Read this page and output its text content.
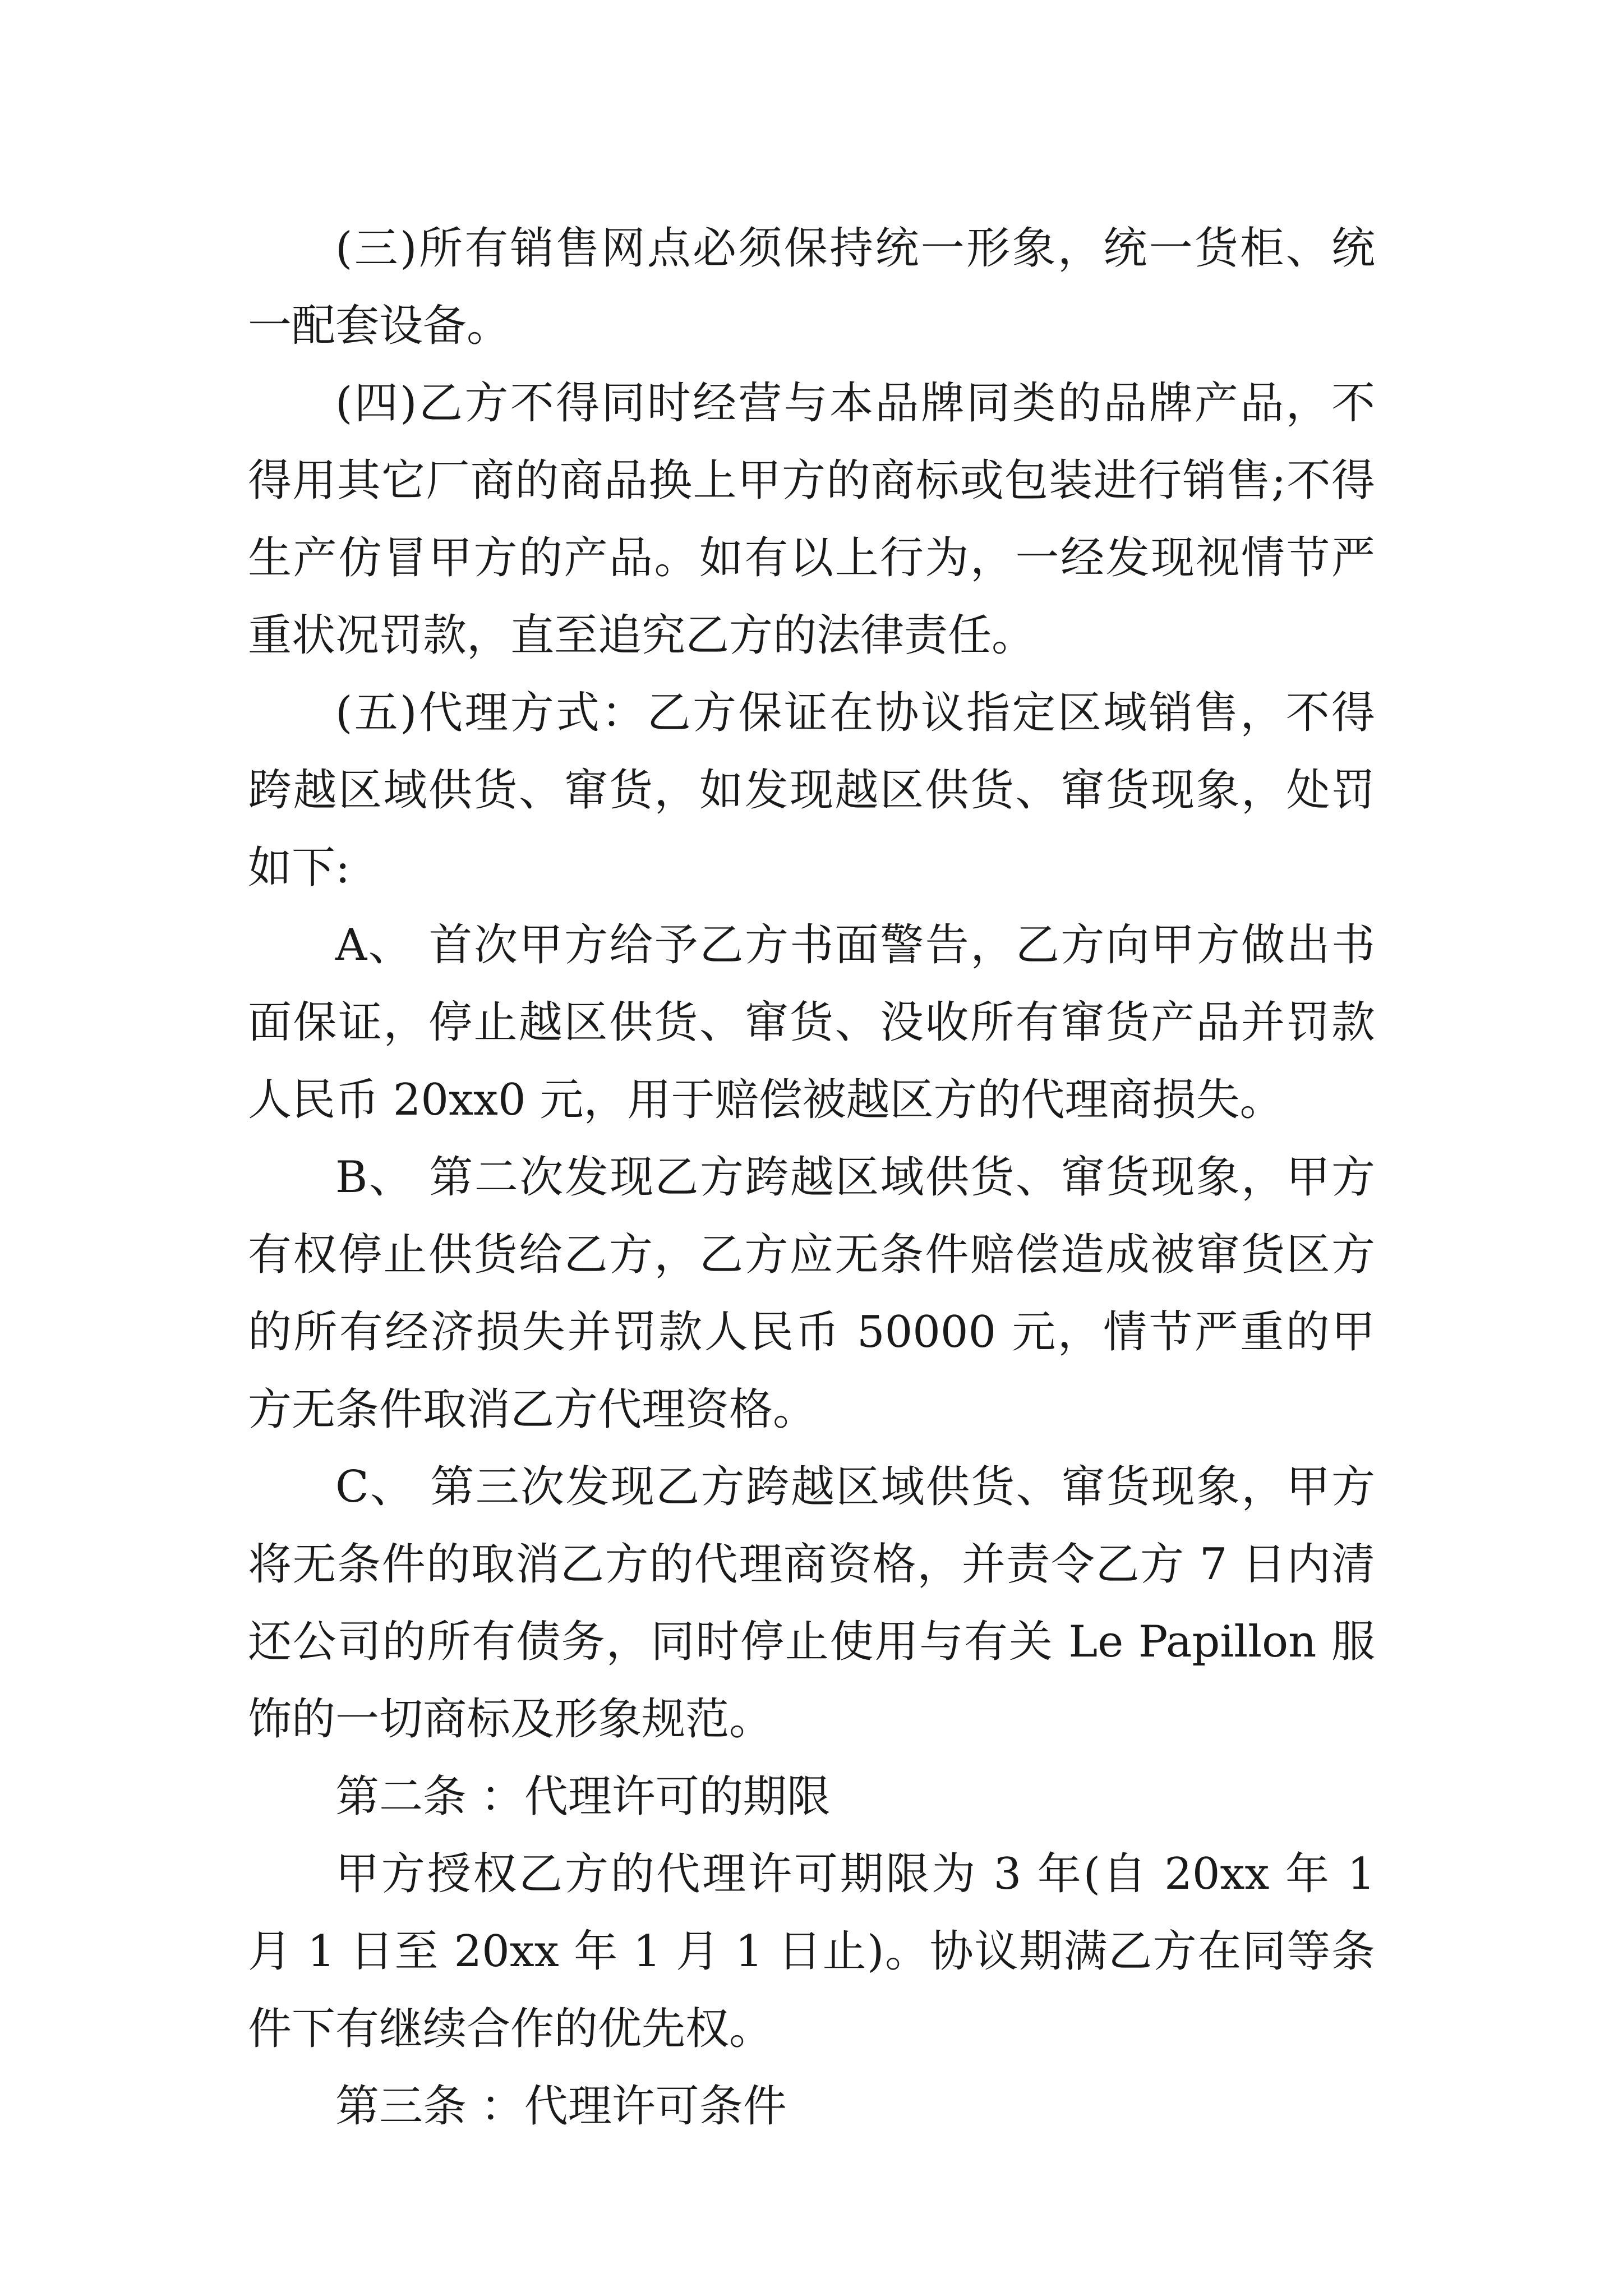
(三)所有销售网点必须保持统一形象，统一货柜、统一配套设备。

(四)乙方不得同时经营与本品牌同类的品牌产品，不得用其它厂商的商品换上甲方的商标或包装进行销售;不得生产仿冒甲方的产品。如有以上行为，一经发现视情节严重状况罚款，直至追究乙方的法律责任。

(五)代理方式：乙方保证在协议指定区域销售，不得跨越区域供货、窜货，如发现越区供货、窜货现象，处罚如下:

A、 首次甲方给予乙方书面警告，乙方向甲方做出书面保证，停止越区供货、窜货、没收所有窜货产品并罚款人民币 20xx0 元，用于赔偿被越区方的代理商损失。

B、 第二次发现乙方跨越区域供货、窜货现象，甲方有权停止供货给乙方，乙方应无条件赔偿造成被窜货区方的所有经济损失并罚款人民币 50000 元，情节严重的甲方无条件取消乙方代理资格。

C、 第三次发现乙方跨越区域供货、窜货现象，甲方将无条件的取消乙方的代理商资格，并责令乙方 7 日内清还公司的所有债务，同时停止使用与有关 Le Papillon 服饰的一切商标及形象规范。

第二条 ：代理许可的期限

甲方授权乙方的代理许可期限为 3 年(自 20xx 年 1 月 1 日至 20xx 年 1 月 1 日止)。协议期满乙方在同等条件下有继续合作的优先权。

第三条 ：代理许可条件
